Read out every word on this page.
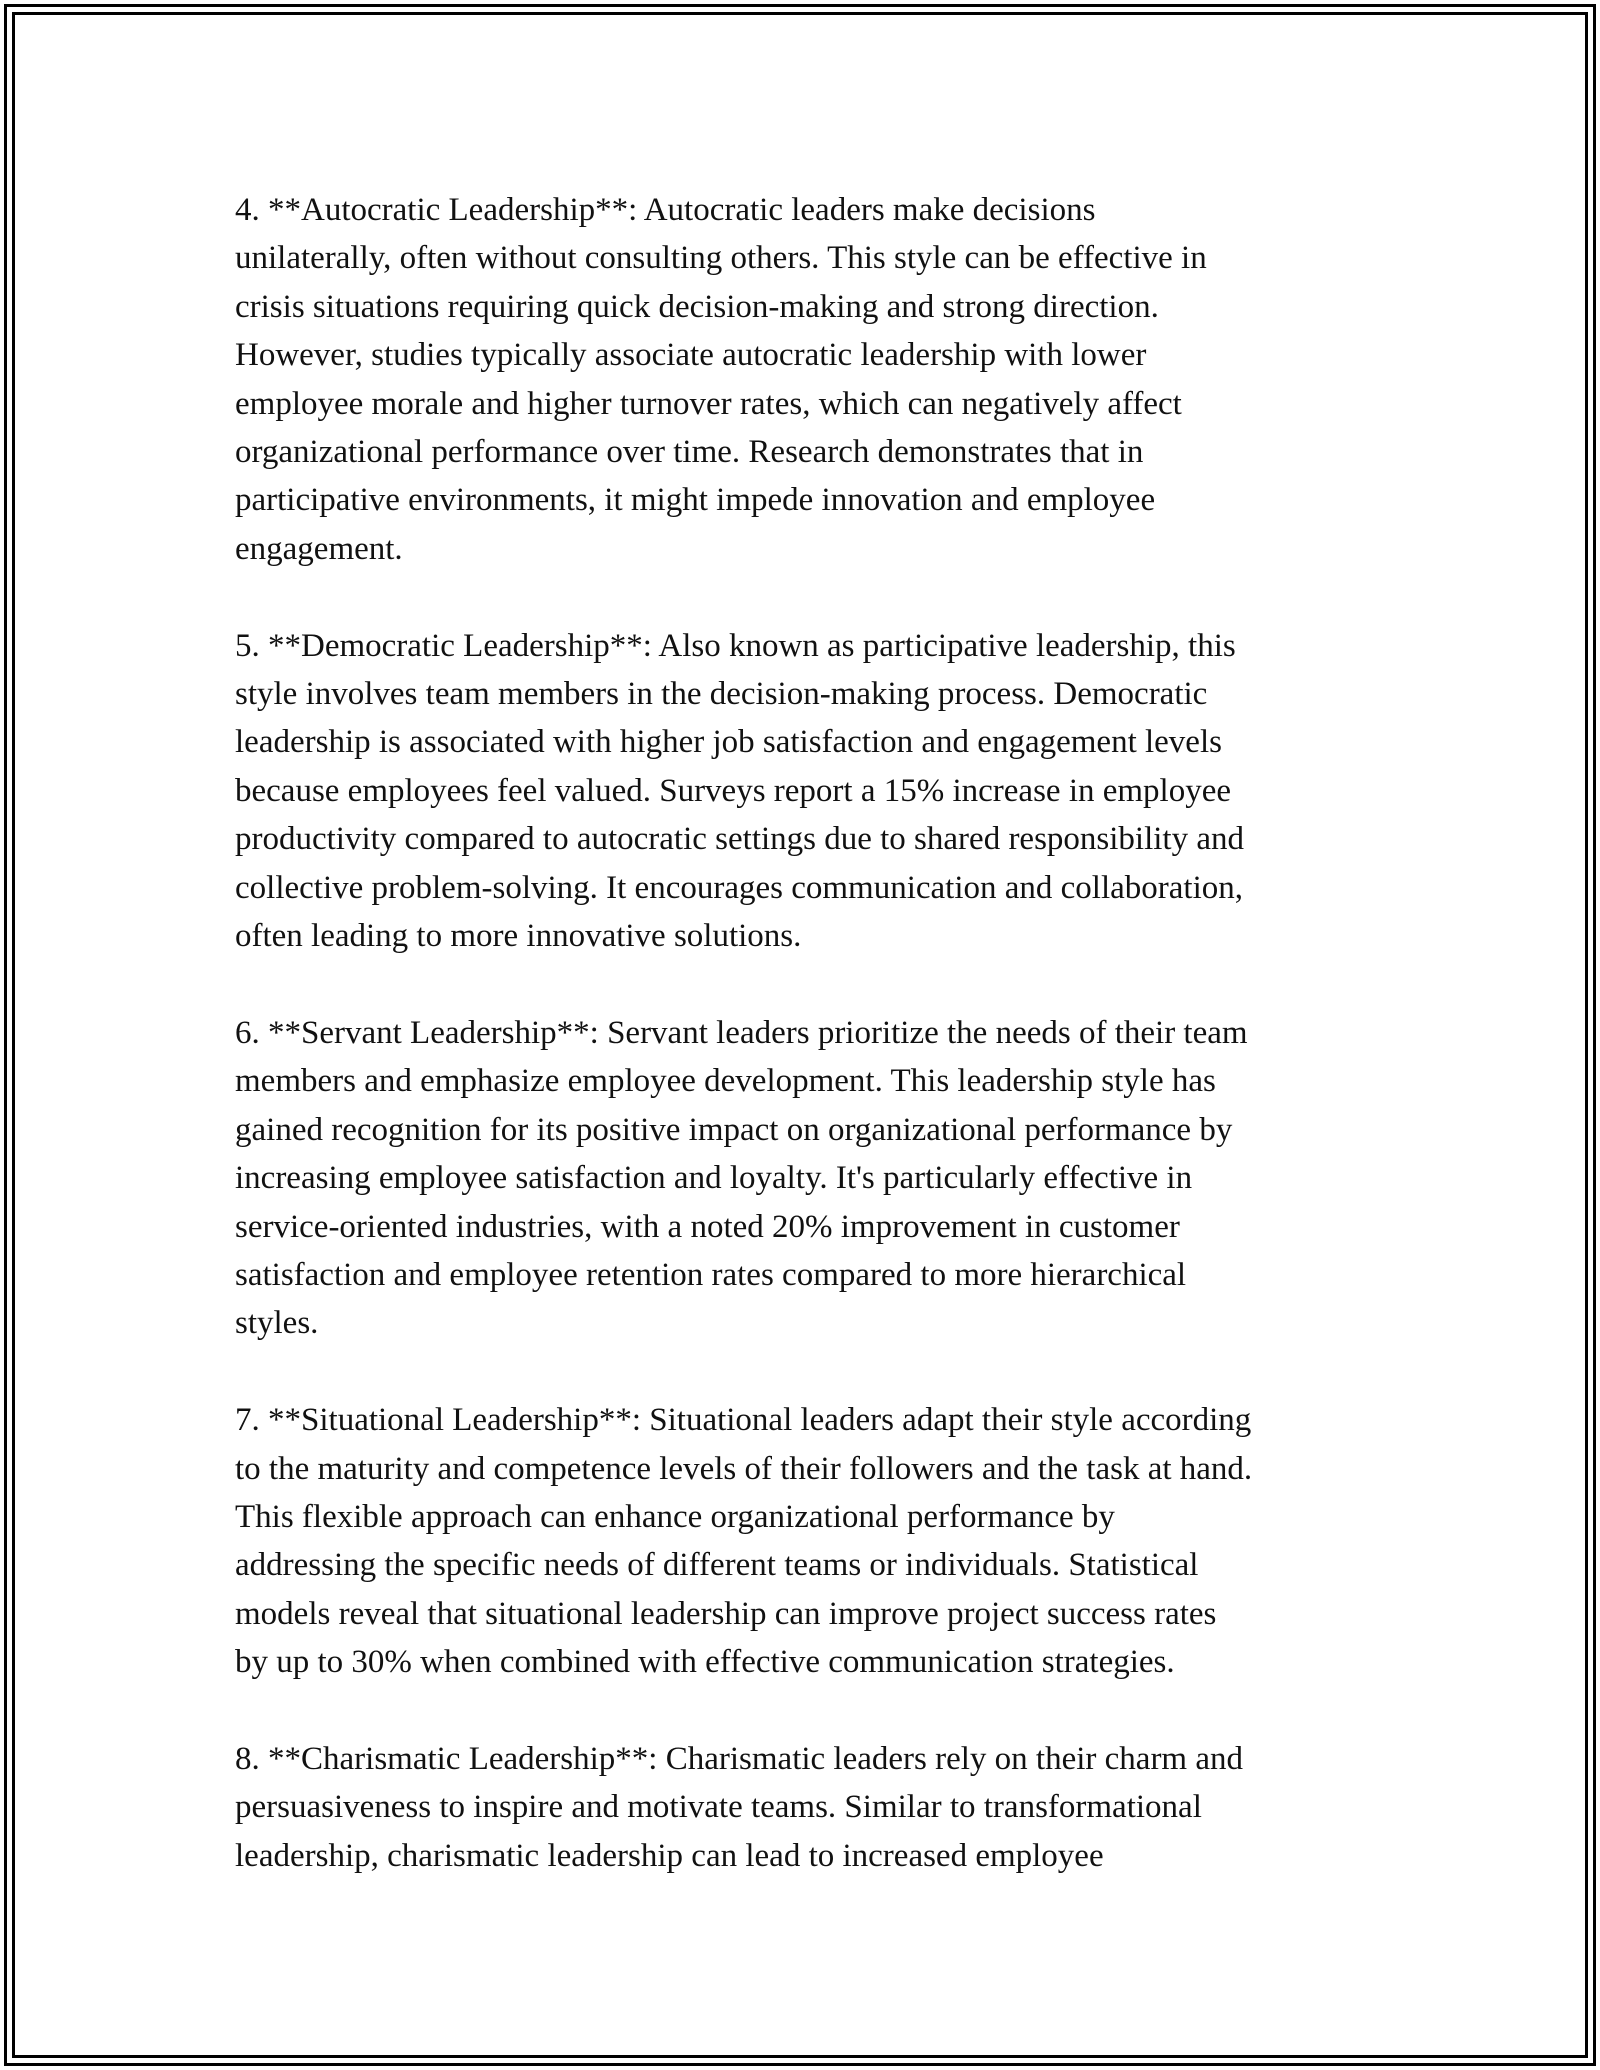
4. **Autocratic Leadership**: Autocratic leaders make decisions
unilaterally, often without consulting others. This style can be effective in
crisis situations requiring quick decision-making and strong direction.
However, studies typically associate autocratic leadership with lower
employee morale and higher turnover rates, which can negatively affect
organizational performance over time. Research demonstrates that in
participative environments, it might impede innovation and employee
engagement.

5. **Democratic Leadership**: Also known as participative leadership, this
style involves team members in the decision-making process. Democratic
leadership is associated with higher job satisfaction and engagement levels
because employees feel valued. Surveys report a 15% increase in employee
productivity compared to autocratic settings due to shared responsibility and
collective problem-solving. It encourages communication and collaboration,
often leading to more innovative solutions.

6. **Servant Leadership**: Servant leaders prioritize the needs of their team
members and emphasize employee development. This leadership style has
gained recognition for its positive impact on organizational performance by
increasing employee satisfaction and loyalty. It's particularly effective in
service-oriented industries, with a noted 20% improvement in customer
satisfaction and employee retention rates compared to more hierarchical
styles.

7. **Situational Leadership**: Situational leaders adapt their style according
to the maturity and competence levels of their followers and the task at hand.
This flexible approach can enhance organizational performance by
addressing the specific needs of different teams or individuals. Statistical
models reveal that situational leadership can improve project success rates
by up to 30% when combined with effective communication strategies.

8. **Charismatic Leadership**: Charismatic leaders rely on their charm and
persuasiveness to inspire and motivate teams. Similar to transformational
leadership, charismatic leadership can lead to increased employee
